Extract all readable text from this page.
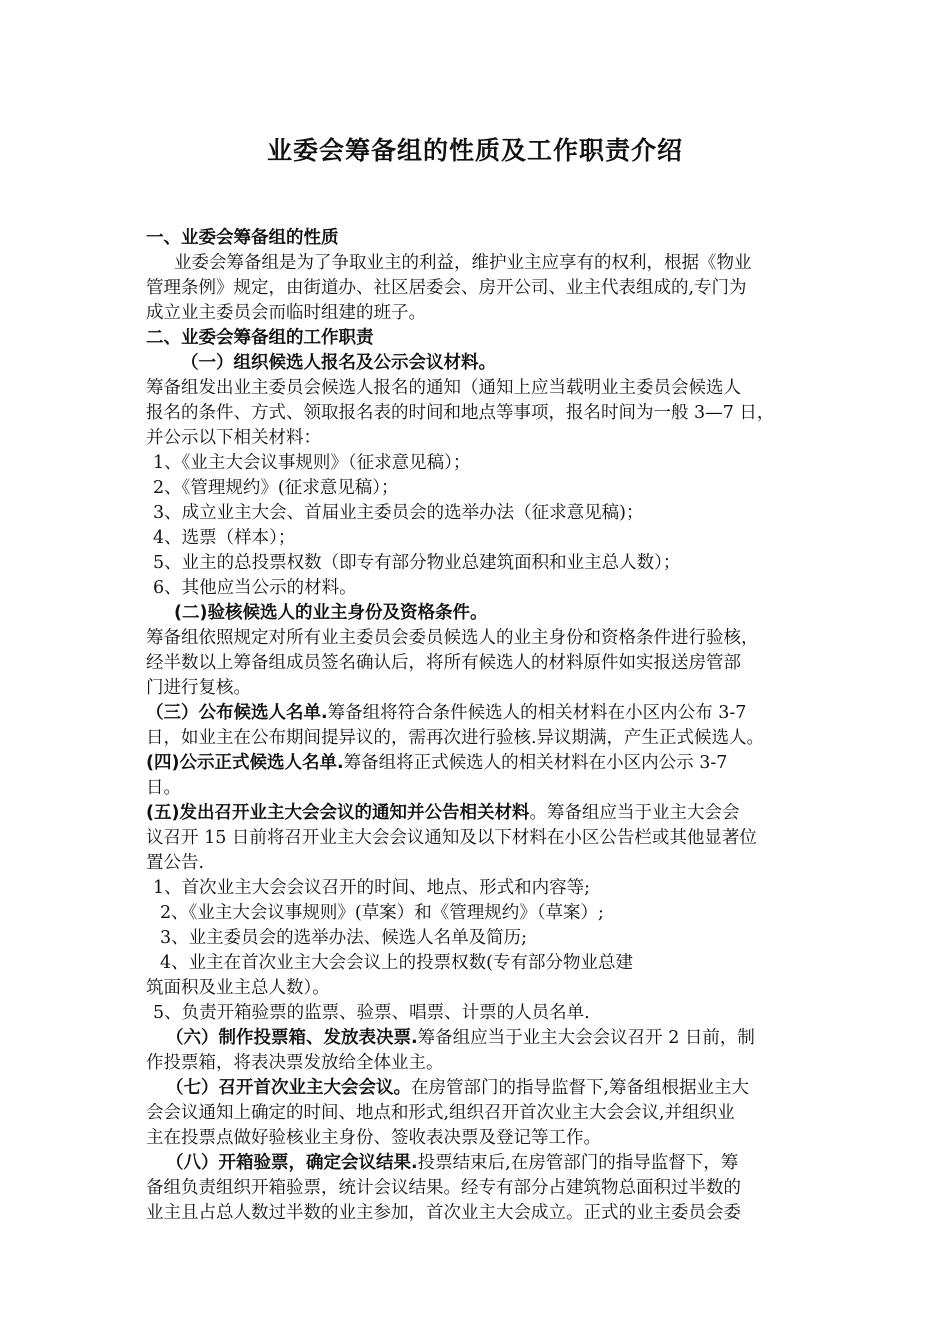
业委会筹备组的性质及工作职责介绍

一、业委会筹备组的性质

业委会筹备组是为了争取业主的利益，维护业主应享有的权利，根据《物业

管理条例》规定，由街道办、社区居委会、房开公司、业主代表组成的,专门为

成立业主委员会而临时组建的班子。

二、业委会筹备组的工作职责

（一）组织候选人报名及公示会议材料。

筹备组发出业主委员会候选人报名的通知（通知上应当载明业主委员会候选人

报名的条件、方式、领取报名表的时间和地点等事项，报名时间为一般 3—7 日，

并公示以下相关材料：

1、《业主大会议事规则》（征求意见稿）；

2、《管理规约》(征求意见稿）；

3、成立业主大会、首届业主委员会的选举办法（征求意见稿)；

4、选票（样本）；

5、业主的总投票权数（即专有部分物业总建筑面积和业主总人数）；

6、其他应当公示的材料。

(二)验核候选人的业主身份及资格条件。

筹备组依照规定对所有业主委员会委员候选人的业主身份和资格条件进行验核，

经半数以上筹备组成员签名确认后，将所有候选人的材料原件如实报送房管部

门进行复核。

（三）公布候选人名单.筹备组将符合条件候选人的相关材料在小区内公布 3-7

日，如业主在公布期间提异议的，需再次进行验核.异议期满，产生正式候选人。

(四)公示正式候选人名单.筹备组将正式候选人的相关材料在小区内公示 3-7

日。

(五)发出召开业主大会会议的通知并公告相关材料。筹备组应当于业主大会会

议召开 15 日前将召开业主大会会议通知及以下材料在小区公告栏或其他显著位

置公告.

1、首次业主大会会议召开的时间、地点、形式和内容等;

2、《业主大会议事规则》(草案）和《管理规约》（草案）;

3、业主委员会的选举办法、候选人名单及简历;

4、业主在首次业主大会会议上的投票权数(专有部分物业总建

筑面积及业主总人数）。

5、负责开箱验票的监票、验票、唱票、计票的人员名单.

（六）制作投票箱、发放表决票.筹备组应当于业主大会会议召开 2 日前，制

作投票箱，将表决票发放给全体业主。

（七）召开首次业主大会会议。在房管部门的指导监督下,筹备组根据业主大

会会议通知上确定的时间、地点和形式,组织召开首次业主大会会议,并组织业

主在投票点做好验核业主身份、签收表决票及登记等工作。

（八）开箱验票，确定会议结果.投票结束后,在房管部门的指导监督下，筹

备组负责组织开箱验票，统计会议结果。经专有部分占建筑物总面积过半数的

业主且占总人数过半数的业主参加，首次业主大会成立。正式的业主委员会委
